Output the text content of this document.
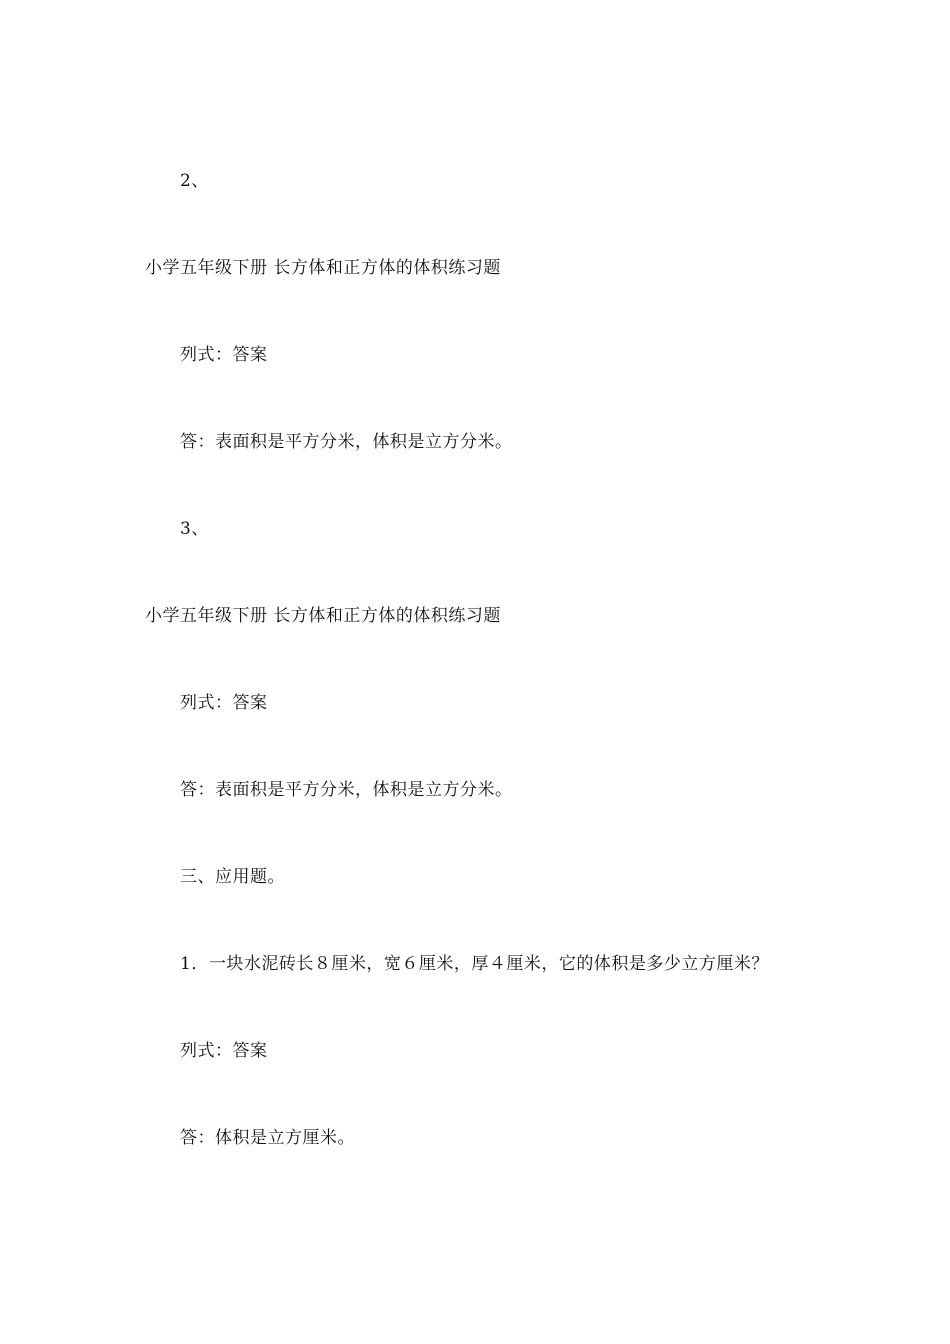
2、
小学五年级下册 长方体和正方体的体积练习题
列式：答案
答：表面积是平方分米，体积是立方分米。
3、
小学五年级下册 长方体和正方体的体积练习题
列式：答案
答：表面积是平方分米，体积是立方分米。
三、应用题。
1．一块水泥砖长８厘米，宽６厘米，厚４厘米，它的体积是多少立方厘米？
列式：答案
答：体积是立方厘米。
